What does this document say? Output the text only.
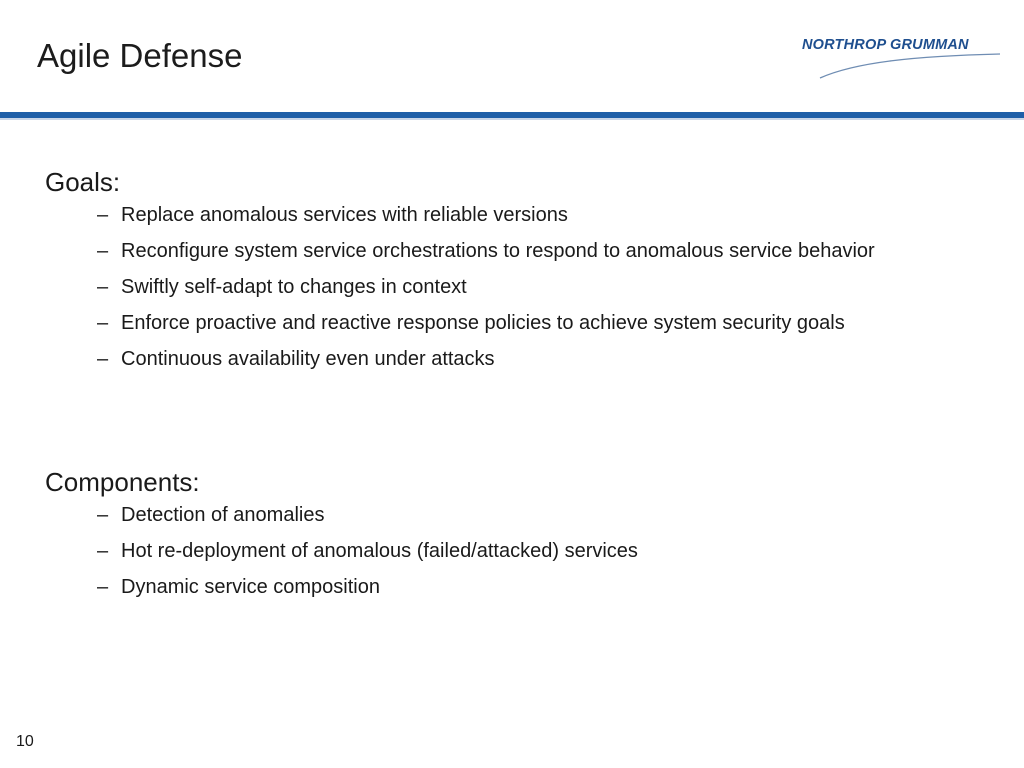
Agile Defense	NORTHROP GRUMMAN
Goals:
– Replace anomalous services with reliable versions
– Reconfigure system service orchestrations to respond to anomalous service behavior
– Swiftly self-adapt to changes in context
– Enforce proactive and reactive response policies to achieve system security goals
– Continuous availability even under attacks
Components:
– Detection of anomalies
– Hot re-deployment of anomalous (failed/attacked) services
– Dynamic service composition
10
